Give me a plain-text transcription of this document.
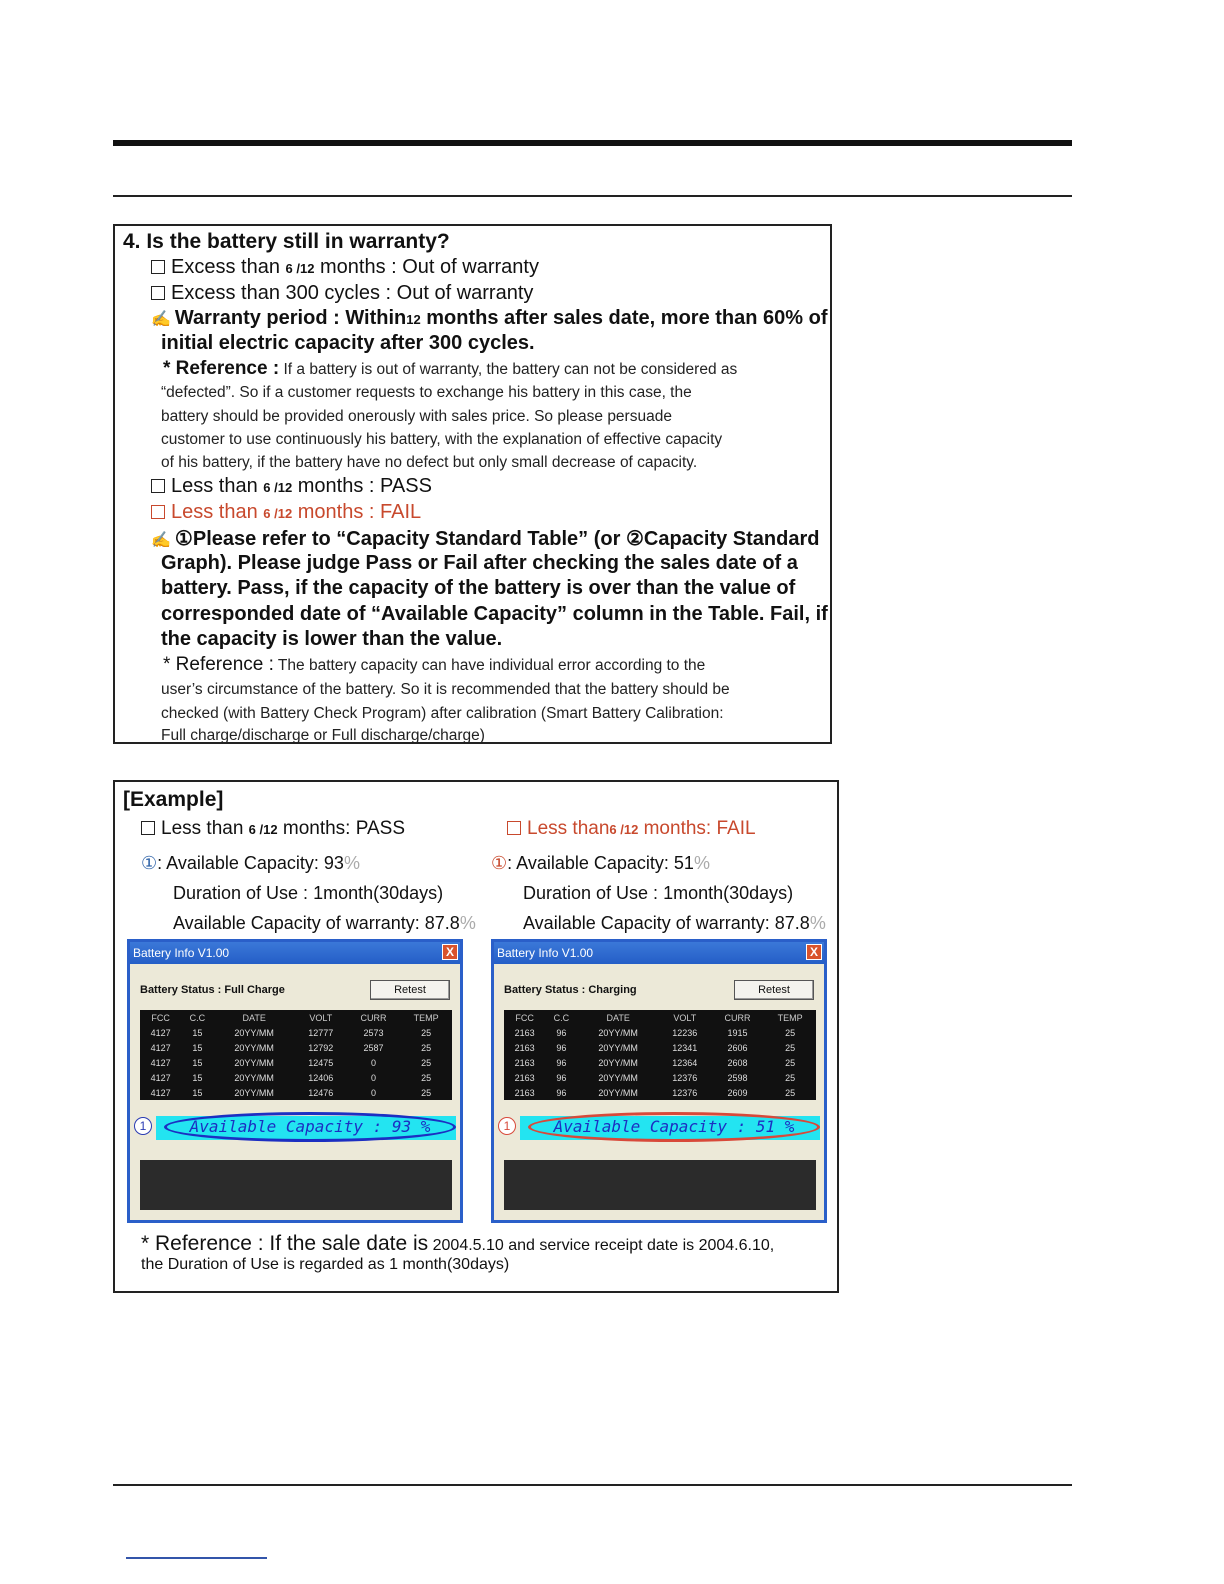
4. Is the battery still in warranty?
Excess than 6 /12 months : Out of warranty
Excess than 300 cycles : Out of warranty
✍ Warranty period : Within12 months after sales date, more than 60% of
initial electric capacity after 300 cycles.
* Reference : If a battery is out of warranty, the battery can not be considered as
“defected”. So if a customer requests to exchange his battery in this case, the
battery should be provided onerously with sales price. So please persuade
customer to use continuously his battery, with the explanation of effective capacity
of his battery, if the battery have no defect but only small decrease of capacity.
Less than 6 /12 months : PASS
Less than 6 /12 months : FAIL
✍ ①Please refer to “Capacity Standard Table” (or ②Capacity Standard
Graph). Please judge Pass or Fail after checking the sales date of a
battery. Pass, if the capacity of the battery is over than the value of
corresponded date of “Available Capacity” column in the Table. Fail, if
the capacity is lower than the value.
* Reference : The battery capacity can have individual error according to the
user’s circumstance of the battery. So it is recommended that the battery should be
checked (with Battery Check Program) after calibration (Smart Battery Calibration:
Full charge/discharge or Full discharge/charge)
[Example]
Less than 6 /12 months: PASS
①: Available Capacity: 93%
Duration of Use : 1month(30days)
Available Capacity of warranty: 87.8%
Less than6 /12 months: FAIL
①: Available Capacity: 51%
Duration of Use : 1month(30days)
Available Capacity of warranty: 87.8%
Battery Info V1.00	X
Battery Status : Full Charge	Retest
FCC	C.C	DATE	VOLT	CURR	TEMP
4127	15	20YY/MM	12777	2573	25
4127	15	20YY/MM	12792	2587	25
4127	15	20YY/MM	12475	0	25
4127	15	20YY/MM	12406	0	25
4127	15	20YY/MM	12476	0	25
1	Available Capacity : 93 %
Battery Info V1.00	X
Battery Status : Charging	Retest
FCC	C.C	DATE	VOLT	CURR	TEMP
2163	96	20YY/MM	12236	1915	25
2163	96	20YY/MM	12341	2606	25
2163	96	20YY/MM	12364	2608	25
2163	96	20YY/MM	12376	2598	25
2163	96	20YY/MM	12376	2609	25
1	Available Capacity : 51 %
* Reference : If the sale date is 2004.5.10 and service receipt date is 2004.6.10,
the Duration of Use is regarded as 1 month(30days)
